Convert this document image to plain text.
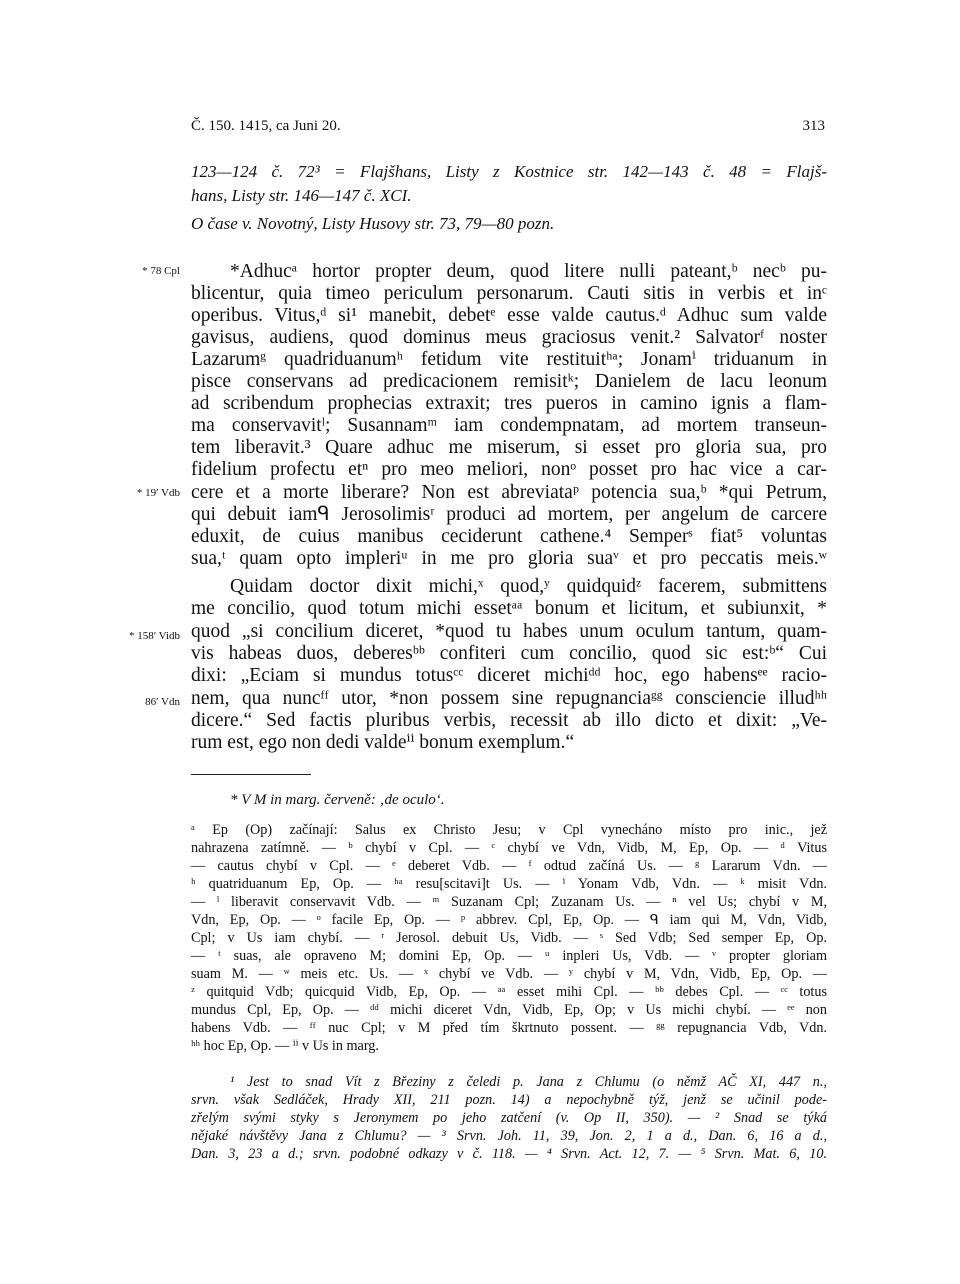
Č. 150. 1415, ca Juni 20.	313
123—124 č. 72³ = Flajšhans, Listy z Kostnice str. 142—143 č. 48 = Flajš-
hans, Listy str. 146—147 č. XCI.
O čase v. Novotný, Listy Husovy str. 73, 79—80 pozn.
* 78 Cpl
* 19′ Vdb
* 158′ Vidb
86′ Vdn
*Adhucᵃ hortor propter deum, quod litere nulli pateant,ᵇ necᵇ pu-
blicentur, quia timeo periculum personarum. Cauti sitis in verbis et inᶜ
operibus. Vitus,ᵈ si¹ manebit, debetᵉ esse valde cautus.ᵈ Adhuc sum valde
gavisus, audiens, quod dominus meus graciosus venit.² Salvatorᶠ noster
Lazarumᵍ quadriduanumʰ fetidum vite restituitʰᵃ; Jonamⁱ triduanum in
pisce conservans ad predicacionem remisitᵏ; Danielem de lacu leonum
ad scribendum prophecias extraxit; tres pueros in camino ignis a flam-
ma conservavitˡ; Susannamᵐ iam condempnatam, ad mortem transeun-
tem liberavit.³ Quare adhuc me miserum, si esset pro gloria sua, pro
fidelium profectu etⁿ pro meo meliori, nonᵒ posset pro hac vice a car-
cere et a morte liberare? Non est abreviataᵖ potencia sua,ᵇ *qui Petrum,
qui debuit iamᑫ Jerosolimisʳ produci ad mortem, per angelum de carcere
eduxit, de cuius manibus ceciderunt cathene.⁴ Semperˢ fiat⁵ voluntas
sua,ᵗ quam opto impleriᵘ in me pro gloria suaᵛ et pro peccatis meis.ʷ
Quidam doctor dixit michi,ˣ quod,ʸ quidquidᶻ facerem, submittens
me concilio, quod totum michi essetᵃᵃ bonum et licitum, et subiunxit, *
quod „si concilium diceret, *quod tu habes unum oculum tantum, quam-
vis habeas duos, deberesᵇᵇ confiteri cum concilio, quod sic est:ᵇ“ Cui
dixi: „Eciam si mundus totusᶜᶜ diceret michiᵈᵈ hoc, ego habensᵉᵉ racio-
nem, qua nuncᶠᶠ utor, *non possem sine repugnanciaᵍᵍ consciencie illudʰʰ
dicere.“ Sed factis pluribus verbis, recessit ab illo dicto et dixit: „Ve-
rum est, ego non dedi valdeⁱⁱ bonum exemplum.“
* V M in marg. červeně: ‚de oculo‘.
ᵃ Ep (Op) začínají: Salus ex Christo Jesu; v Cpl vynecháno místo pro inic., jež
nahrazena zatímně. — ᵇ chybí v Cpl. — ᶜ chybí ve Vdn, Vidb, M, Ep, Op. — ᵈ Vitus
— cautus chybí v Cpl. — ᵉ deberet Vdb. — ᶠ odtud začíná Us. — ᵍ Lararum Vdn. —
ʰ quatriduanum Ep, Op. — ʰᵃ resu[scitavi]t Us. — ⁱ Yonam Vdb, Vdn. — ᵏ misit Vdn.
— ˡ liberavit conservavit Vdb. — ᵐ Suzanam Cpl; Zuzanam Us. — ⁿ vel Us; chybí v M,
Vdn, Ep, Op. — ᵒ facile Ep, Op. — ᵖ abbrev. Cpl, Ep, Op. — ᑫ iam qui M, Vdn, Vidb,
Cpl; v Us iam chybí. — ʳ Jerosol. debuit Us, Vidb. — ˢ Sed Vdb; Sed semper Ep, Op.
— ᵗ suas, ale opraveno M; domini Ep, Op. — ᵘ inpleri Us, Vdb. — ᵛ propter gloriam
suam M. — ʷ meis etc. Us. — ˣ chybí ve Vdb. — ʸ chybí v M, Vdn, Vidb, Ep, Op. —
ᶻ quitquid Vdb; quicquid Vidb, Ep, Op. — ᵃᵃ esset mihi Cpl. — ᵇᵇ debes Cpl. — ᶜᶜ totus
mundus Cpl, Ep, Op. — ᵈᵈ michi diceret Vdn, Vidb, Ep, Op; v Us michi chybí. — ᵉᵉ non
habens Vdb. — ᶠᶠ nuc Cpl; v M před tím škrtnuto possent. — ᵍᵍ repugnancia Vdb, Vdn.
ʰʰ hoc Ep, Op. — ⁱⁱ v Us in marg.
¹ Jest to snad Vít z Březiny z čeledi p. Jana z Chlumu (o němž AČ XI, 447 n.,
srvn. však Sedláček, Hrady XII, 211 pozn. 14) a nepochybně týž, jenž se učinil pode-
zřelým svými styky s Jeronymem po jeho zatčení (v. Op II, 350). — ² Snad se týká
nějaké návštěvy Jana z Chlumu? — ³ Srvn. Joh. 11, 39, Jon. 2, 1 a d., Dan. 6, 16 a d.,
Dan. 3, 23 a d.; srvn. podobné odkazy v č. 118. — ⁴ Srvn. Act. 12, 7. — ⁵ Srvn. Mat. 6, 10.
